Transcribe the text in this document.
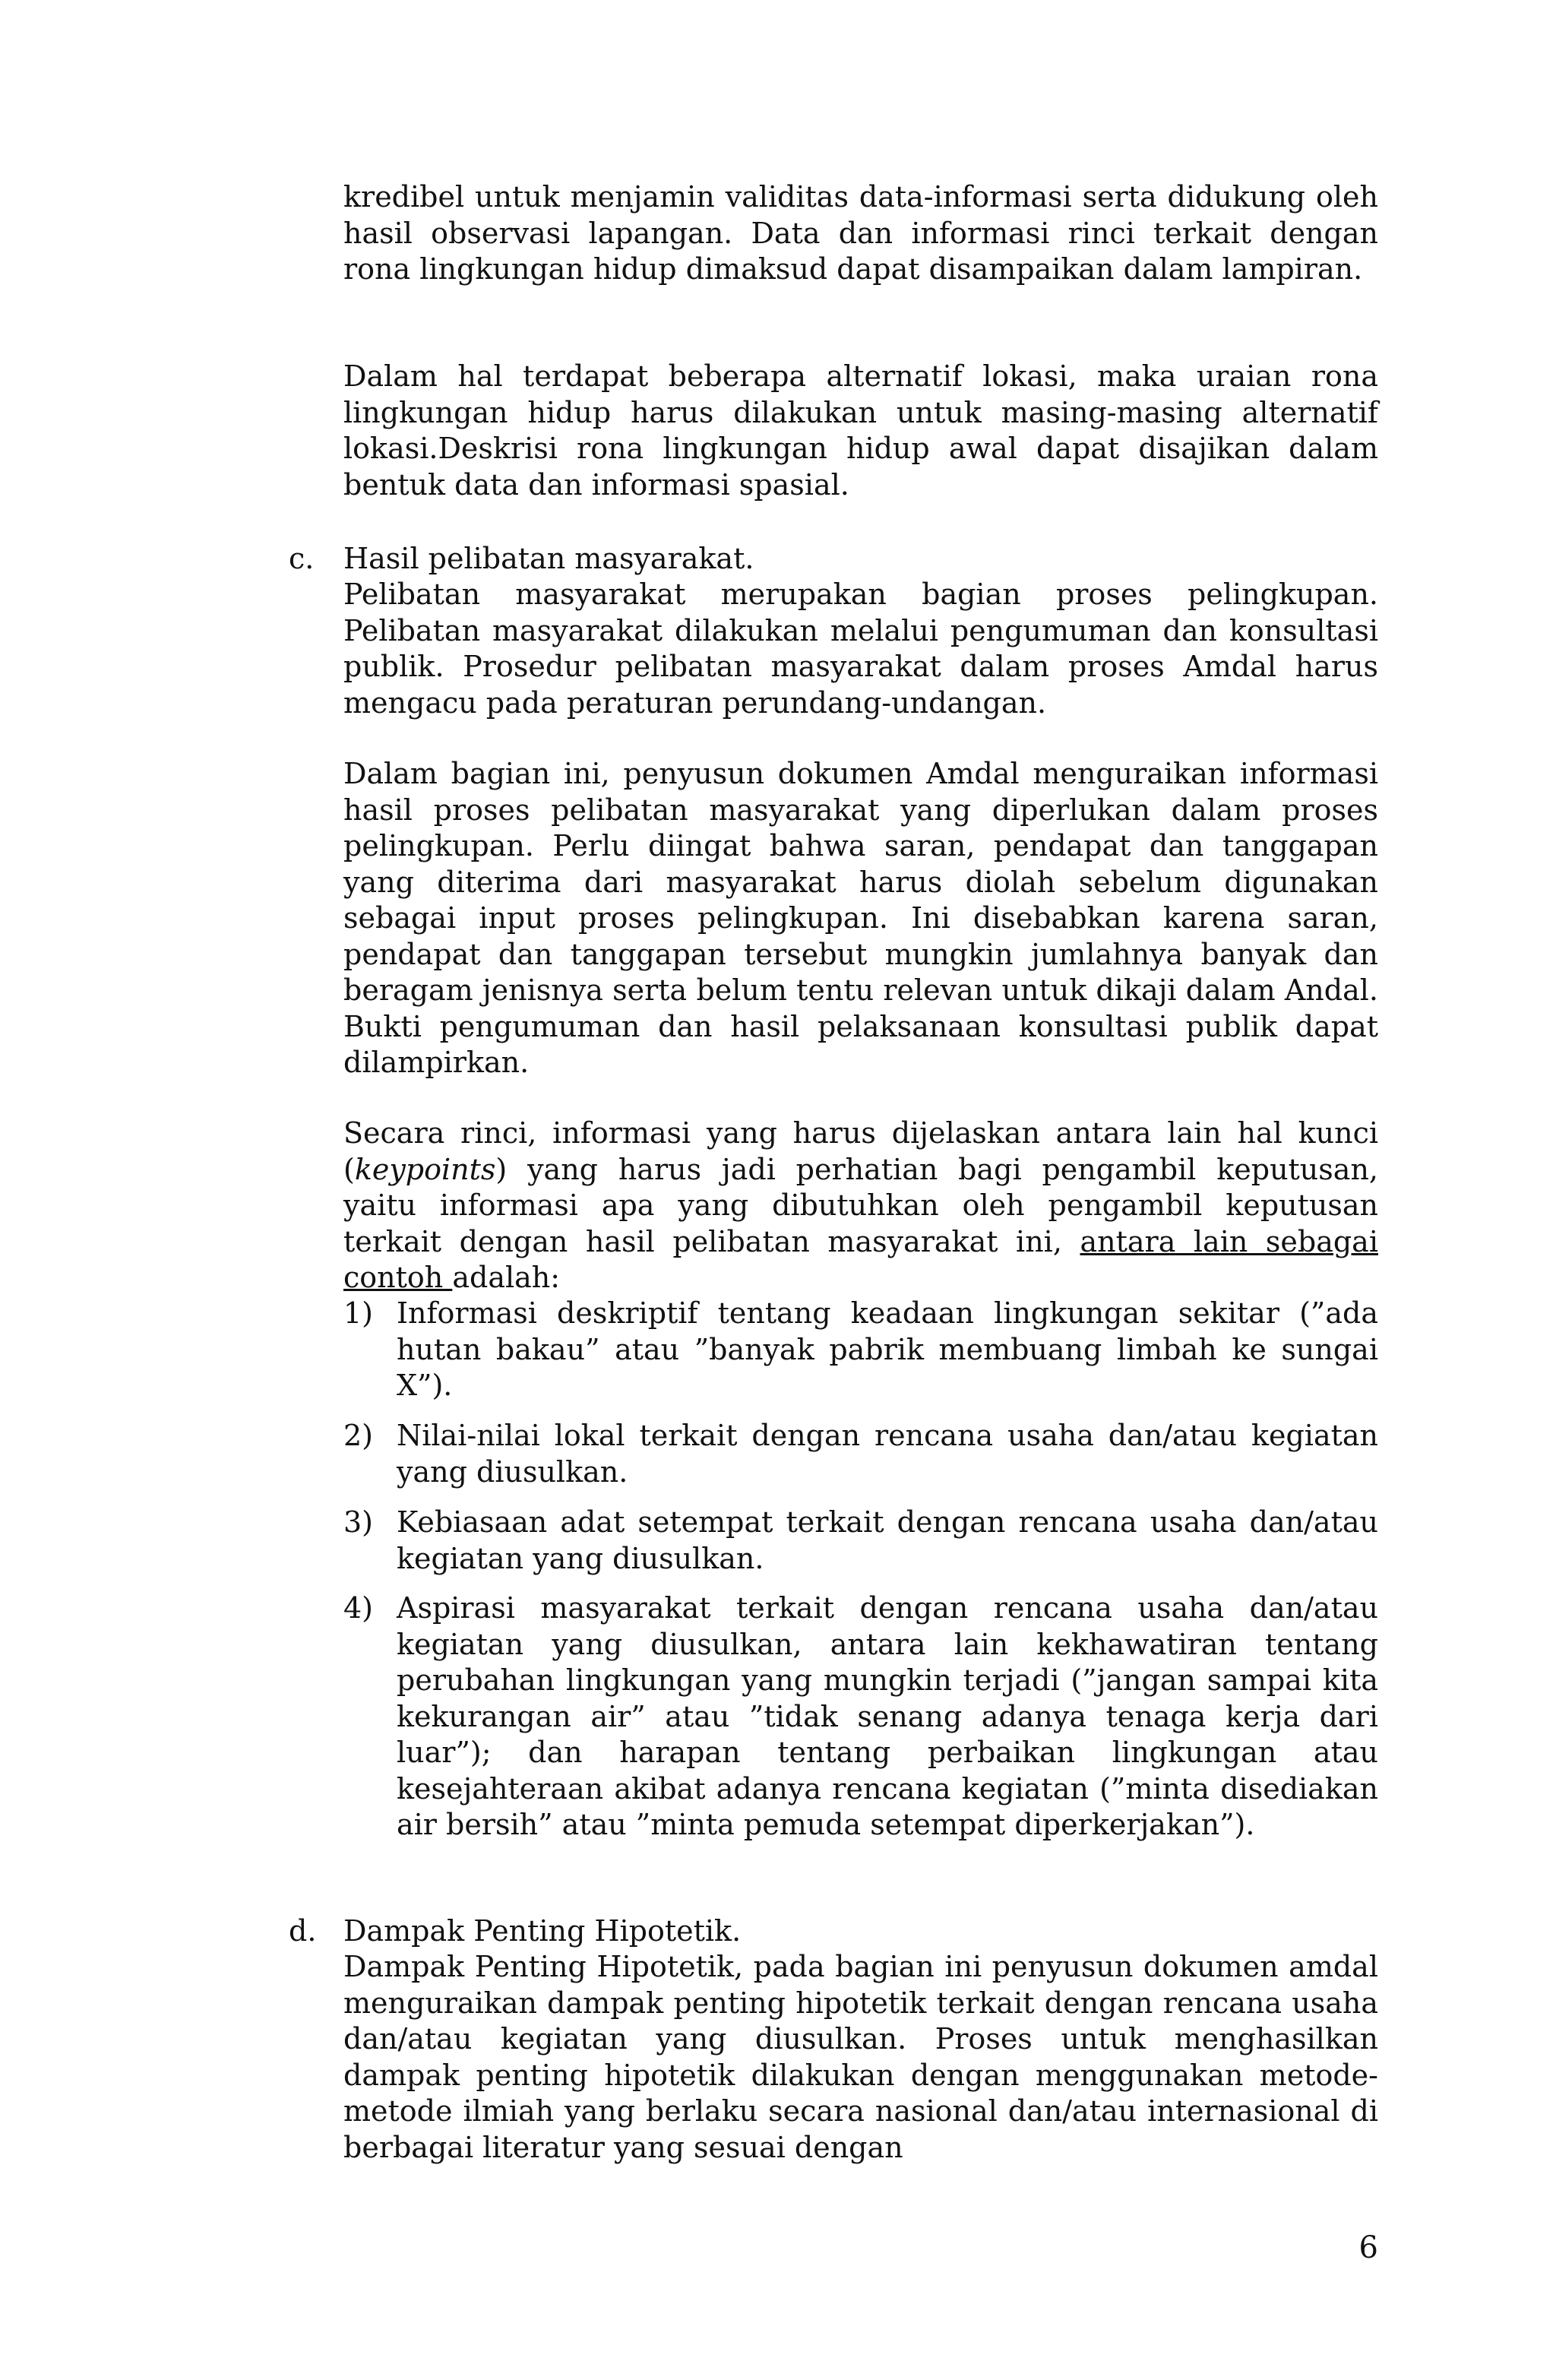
kredibel untuk menjamin validitas data-informasi serta didukung oleh hasil observasi lapangan. Data dan informasi rinci terkait dengan rona lingkungan hidup dimaksud dapat disampaikan dalam lampiran.

Dalam hal terdapat beberapa alternatif lokasi, maka uraian rona lingkungan hidup harus dilakukan untuk masing-masing alternatif lokasi.Deskrisi rona lingkungan hidup awal dapat disajikan dalam bentuk data dan informasi spasial.

c. Hasil pelibatan masyarakat.

Pelibatan masyarakat merupakan bagian proses pelingkupan. Pelibatan masyarakat dilakukan melalui pengumuman dan konsultasi publik. Prosedur pelibatan masyarakat dalam proses Amdal harus mengacu pada peraturan perundang-undangan.

Dalam bagian ini, penyusun dokumen Amdal menguraikan informasi hasil proses pelibatan masyarakat yang diperlukan dalam proses pelingkupan. Perlu diingat bahwa saran, pendapat dan tanggapan yang diterima dari masyarakat harus diolah sebelum digunakan sebagai input proses pelingkupan. Ini disebabkan karena saran, pendapat dan tanggapan tersebut mungkin jumlahnya banyak dan beragam jenisnya serta belum tentu relevan untuk dikaji dalam Andal. Bukti pengumuman dan hasil pelaksanaan konsultasi publik dapat dilampirkan.

Secara rinci, informasi yang harus dijelaskan antara lain hal kunci (keypoints) yang harus jadi perhatian bagi pengambil keputusan, yaitu informasi apa yang dibutuhkan oleh pengambil keputusan terkait dengan hasil pelibatan masyarakat ini, antara lain sebagai contoh adalah:

1) Informasi deskriptif tentang keadaan lingkungan sekitar (”ada hutan bakau” atau ”banyak pabrik membuang limbah ke sungai X”).
2) Nilai-nilai lokal terkait dengan rencana usaha dan/atau kegiatan yang diusulkan.
3) Kebiasaan adat setempat terkait dengan rencana usaha dan/atau kegiatan yang diusulkan.
4) Aspirasi masyarakat terkait dengan rencana usaha dan/atau kegiatan yang diusulkan, antara lain kekhawatiran tentang perubahan lingkungan yang mungkin terjadi (”jangan sampai kita kekurangan air” atau ”tidak senang adanya tenaga kerja dari luar”); dan harapan tentang perbaikan lingkungan atau kesejahteraan akibat adanya rencana kegiatan (”minta disediakan air bersih” atau ”minta pemuda setempat diperkerjakan”).
d. Dampak Penting Hipotetik.

Dampak Penting Hipotetik, pada bagian ini penyusun dokumen amdal menguraikan dampak penting hipotetik terkait dengan rencana usaha dan/atau kegiatan yang diusulkan. Proses untuk menghasilkan dampak penting hipotetik dilakukan dengan menggunakan metode-metode ilmiah yang berlaku secara nasional dan/atau internasional di berbagai literatur yang sesuai dengan

6
